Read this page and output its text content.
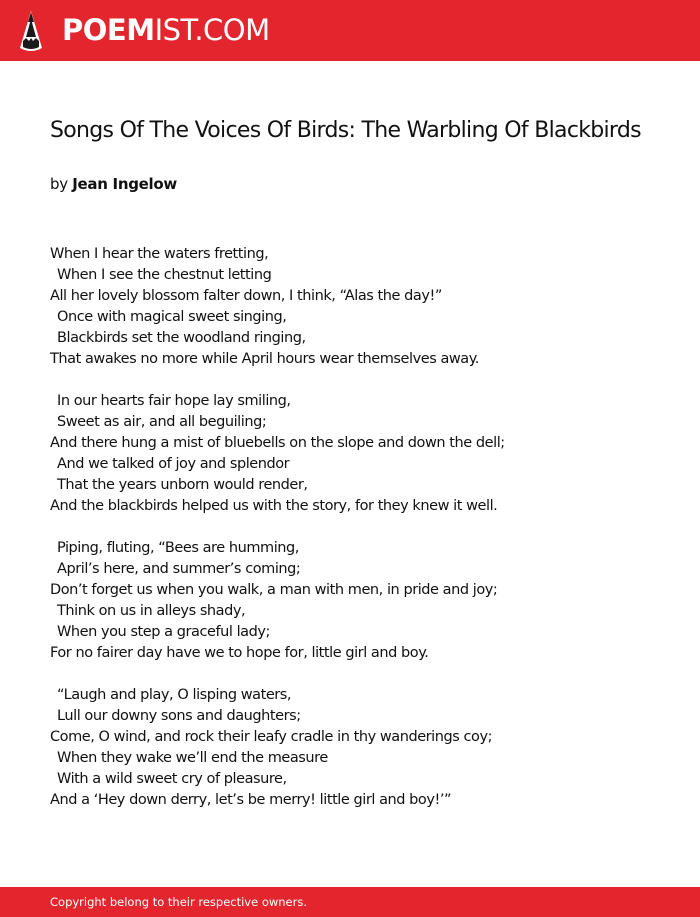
POEMIST.COM
Songs Of The Voices Of Birds: The Warbling Of Blackbirds
by Jean Ingelow
When I hear the waters fretting,
When I see the chestnut letting
All her lovely blossom falter down, I think, “Alas the day!”
Once with magical sweet singing,
Blackbirds set the woodland ringing,
That awakes no more while April hours wear themselves away.
In our hearts fair hope lay smiling,
Sweet as air, and all beguiling;
And there hung a mist of bluebells on the slope and down the dell;
And we talked of joy and splendor
That the years unborn would render,
And the blackbirds helped us with the story, for they knew it well.
Piping, fluting, “Bees are humming,
April’s here, and summer’s coming;
Don’t forget us when you walk, a man with men, in pride and joy;
Think on us in alleys shady,
When you step a graceful lady;
For no fairer day have we to hope for, little girl and boy.
“Laugh and play, O lisping waters,
Lull our downy sons and daughters;
Come, O wind, and rock their leafy cradle in thy wanderings coy;
When they wake we’ll end the measure
With a wild sweet cry of pleasure,
And a ‘Hey down derry, let’s be merry! little girl and boy!’”
Copyright belong to their respective owners.
